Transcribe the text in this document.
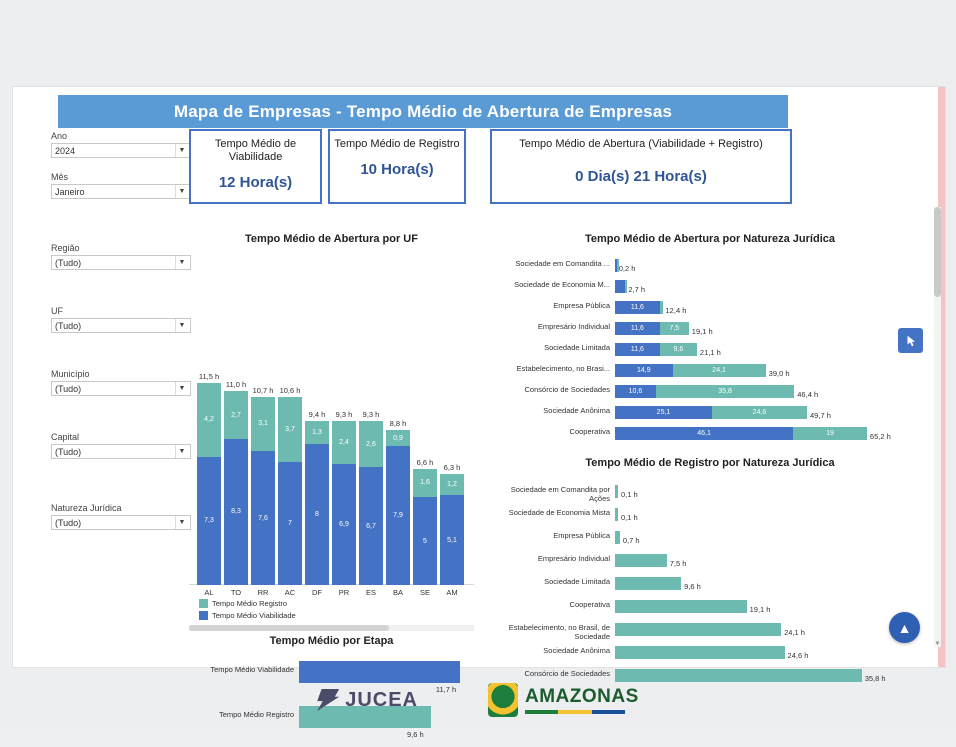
Mapa de Empresas - Tempo Médio de Abertura de Empresas
Ano
2024	▼
Mês
Janeiro	▼
Região
(Tudo)	▼
UF
(Tudo)	▼
Município
(Tudo)	▼
Capital
(Tudo)	▼
Natureza Jurídica
(Tudo)	▼
Tempo Médio de Viabilidade
12 Hora(s)
Tempo Médio de Registro
10 Hora(s)
Tempo Médio de Abertura (Viabilidade + Registro)
0 Dia(s) 21 Hora(s)
Tempo Médio de Abertura por UF
11,5 h
4,2
7,3
AL
11,0 h
2,7
8,3
TO
10,7 h
3,1
7,6
RR
10,6 h
3,7
7
AC
9,4 h
1,3
8
DF
9,3 h
2,4
6,9
PR
9,3 h
2,6
6,7
ES
8,8 h
0,9
7,9
BA
6,6 h
1,6
5
SE
6,3 h
1,2
5,1
AM
Tempo Médio Registro
Tempo Médio Viabilidade
Tempo Médio por Etapa
Tempo Médio Viabilidade
11,7 h
Tempo Médio Registro
9,6 h
Tempo Médio de Abertura por Natureza Jurídica
Sociedade em Comandita ...
0,2 h
Sociedade de Economia M...
2,7 h
Empresa Pública	11,6	12,4 h
Empresário Individual	11,6	7,5	19,1 h
Sociedade Limitada	11,6	9,6	21,1 h
Estabelecimento, no Brasi...	14,9	24,1	39,0 h
Consórcio de Sociedades	10,6	35,8	46,4 h
Sociedade Anônima	25,1	24,6	49,7 h
Cooperativa	46,1	19	65,2 h
Tempo Médio de Registro por Natureza Jurídica
Sociedade em Comandita por Ações 0,1 h
Sociedade de Economia Mista
0,1 h
Empresa Pública
0,7 h
Empresário Individual
7,5 h
Sociedade Limitada
9,6 h
Cooperativa
19,1 h
Estabelecimento, no Brasil, de Sociedade	24,1 h
Sociedade Anônima
24,6 h
Consórcio de Sociedades
35,8 h
▼
▲
JUCEA	AMAZONAS
